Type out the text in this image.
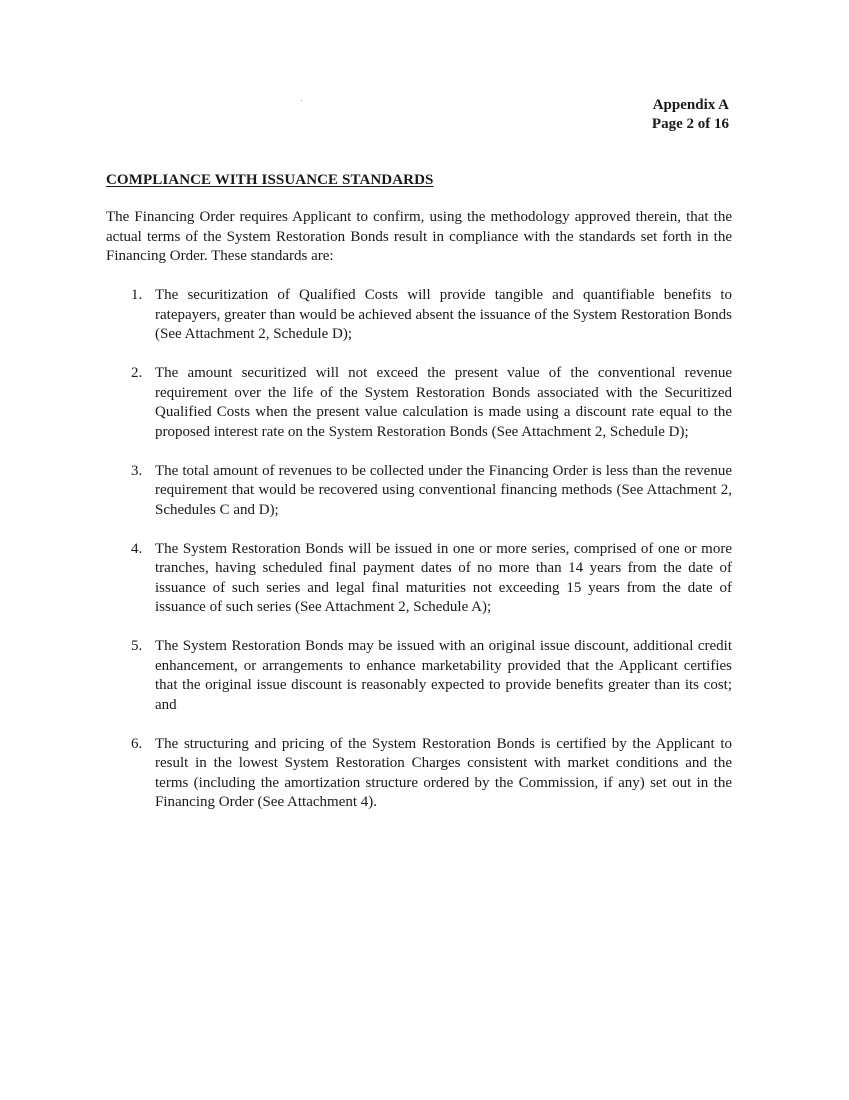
Appendix A
Page 2 of 16
COMPLIANCE WITH ISSUANCE STANDARDS

The Financing Order requires Applicant to confirm, using the methodology approved therein, that the actual terms of the System Restoration Bonds result in compliance with the standards set forth in the Financing Order. These standards are:

1. The securitization of Qualified Costs will provide tangible and quantifiable benefits to ratepayers, greater than would be achieved absent the issuance of the System Restoration Bonds (See Attachment 2, Schedule D);
2. The amount securitized will not exceed the present value of the conventional revenue requirement over the life of the System Restoration Bonds associated with the Securitized Qualified Costs when the present value calculation is made using a discount rate equal to the proposed interest rate on the System Restoration Bonds (See Attachment 2, Schedule D);
3. The total amount of revenues to be collected under the Financing Order is less than the revenue requirement that would be recovered using conventional financing methods (See Attachment 2, Schedules C and D);
4. The System Restoration Bonds will be issued in one or more series, comprised of one or more tranches, having scheduled final payment dates of no more than 14 years from the date of issuance of such series and legal final maturities not exceeding 15 years from the date of issuance of such series (See Attachment 2, Schedule A);
5. The System Restoration Bonds may be issued with an original issue discount, additional credit enhancement, or arrangements to enhance marketability provided that the Applicant certifies that the original issue discount is reasonably expected to provide benefits greater than its cost; and
6. The structuring and pricing of the System Restoration Bonds is certified by the Applicant to result in the lowest System Restoration Charges consistent with market conditions and the terms (including the amortization structure ordered by the Commission, if any) set out in the Financing Order (See Attachment 4).
